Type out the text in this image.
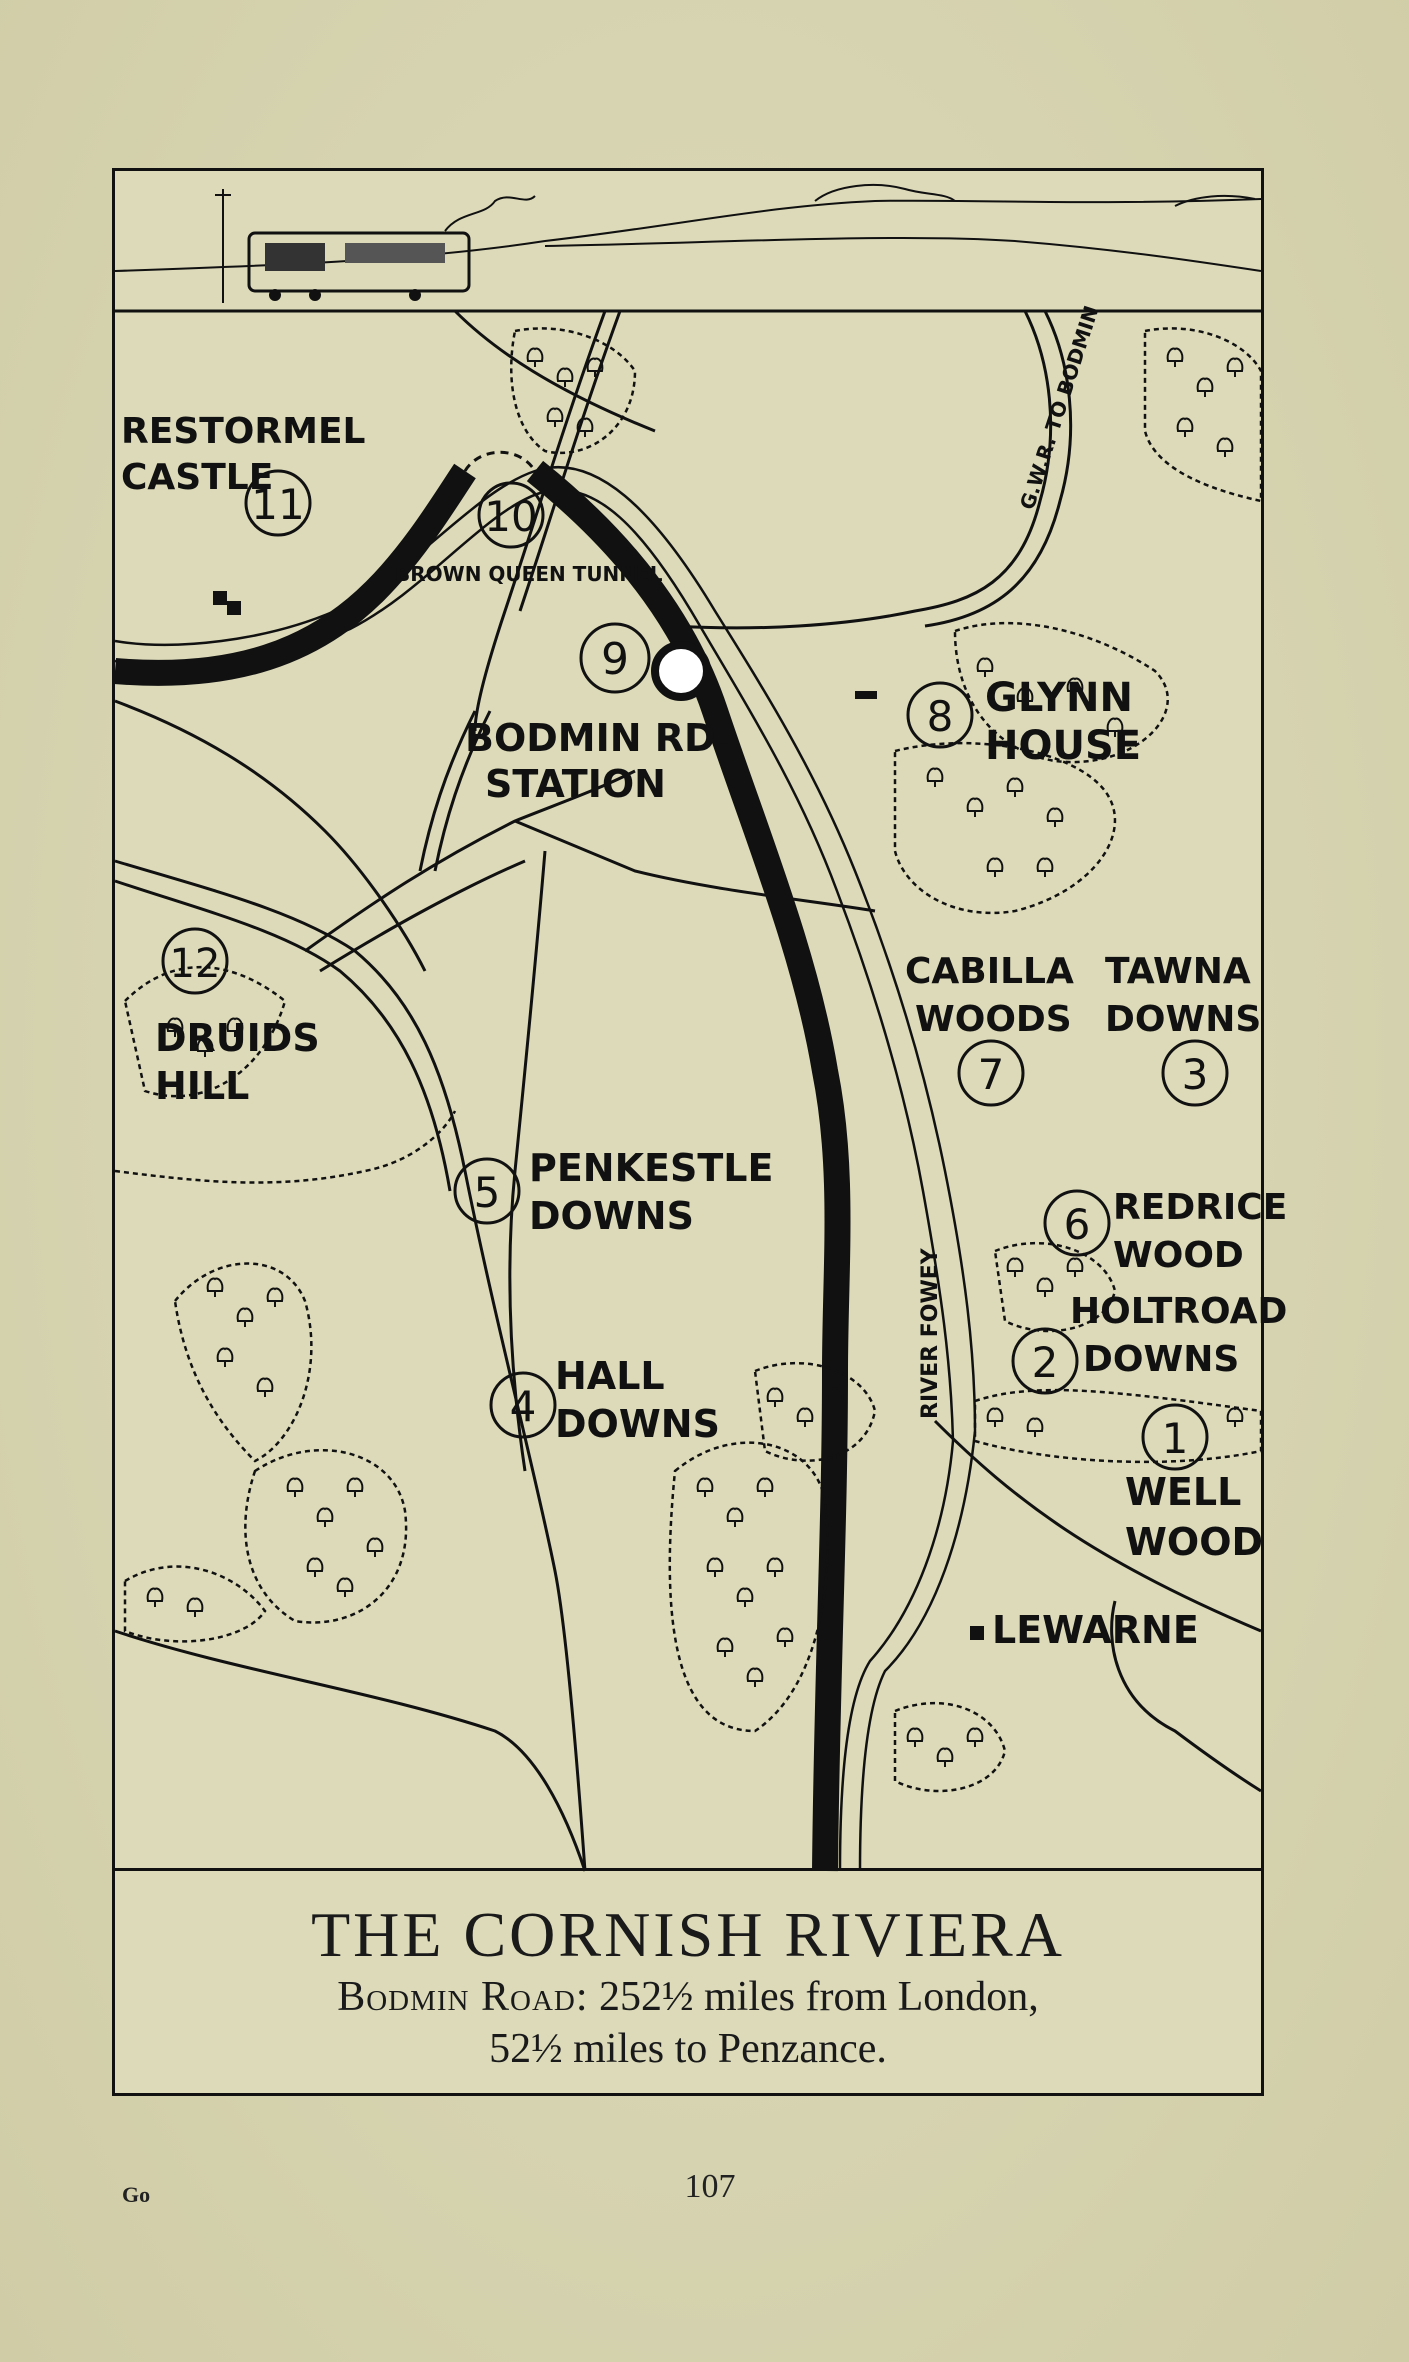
11	10
9
8
7	3
12
5
6
2
4
1
RESTORMEL
CASTLE
BROWN QUEEN TUNNEL
BODMIN RD.
STATION
GLYNN
HOUSE
CABILLA
WOODS
TAWNA
DOWNS
DRUIDS
HILL
PENKESTLE
DOWNS	REDRICE
WOOD
HOLTROAD
DOWNS
HALL
DOWNS
WELL
WOOD
LEWARNE
RIVER FOWEY
G.W.R. TO BODMIN
THE CORNISH RIVIERA
Bodmin Road: 252½ miles from London,
52½ miles to Penzance.
Go	107
